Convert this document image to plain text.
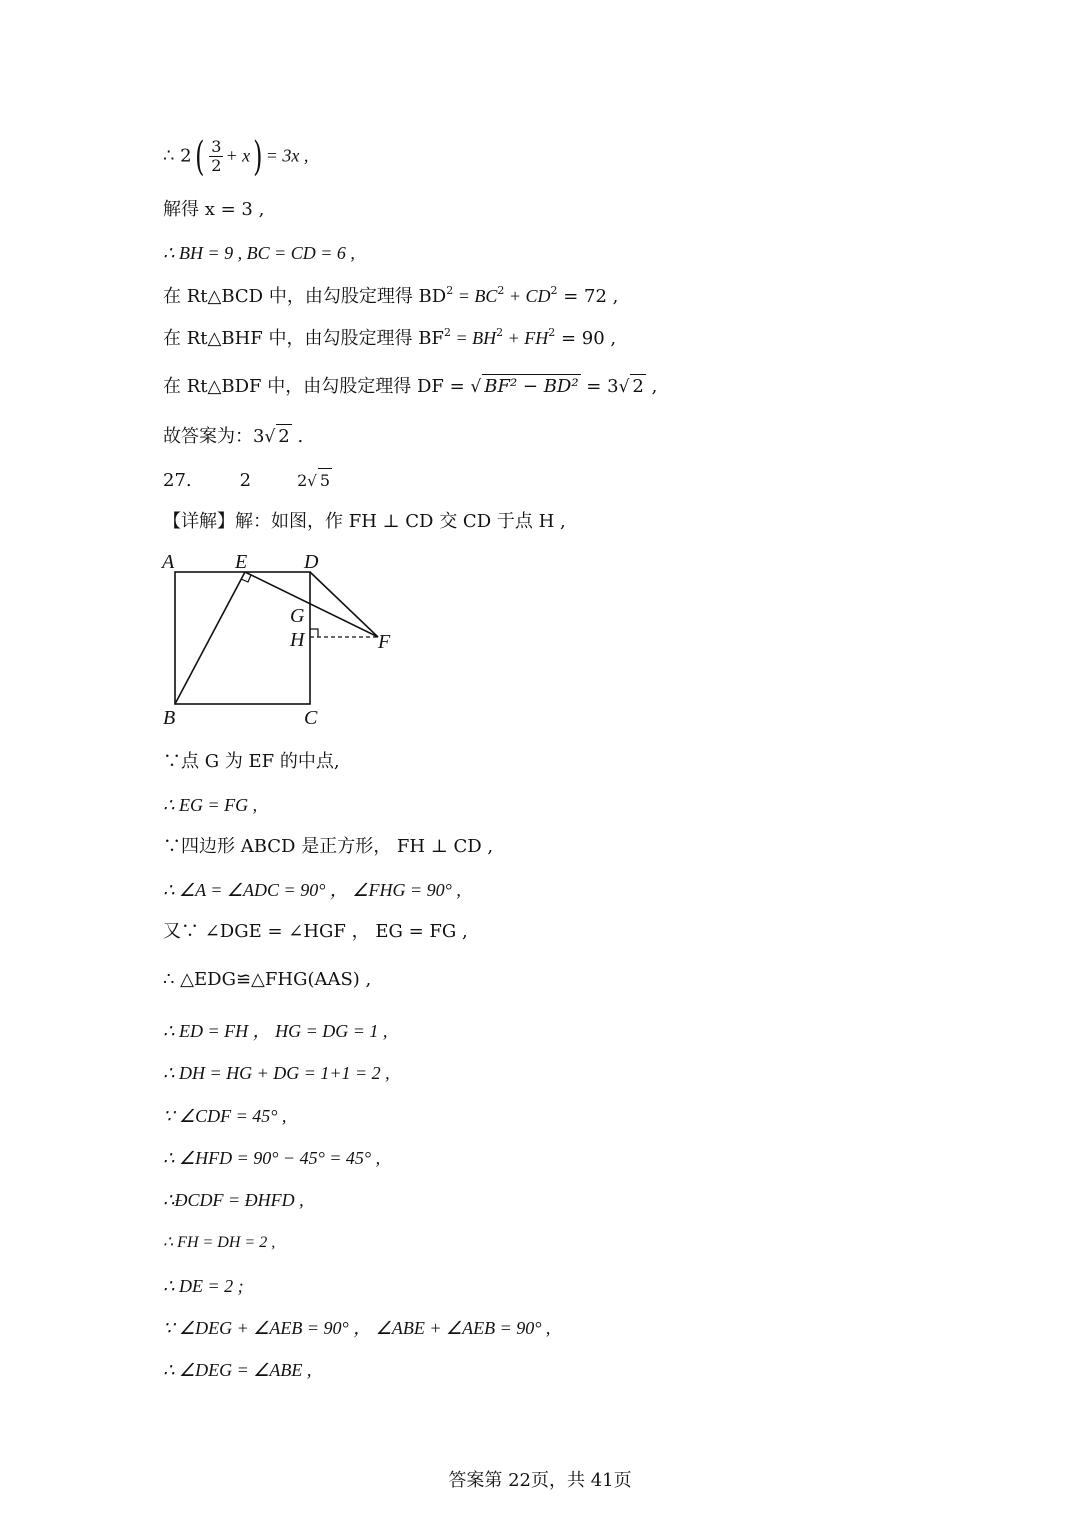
∴ $2( \frac{3}{2} + x) = 3x$ ,
解得 x = 3 ,
∴ BH = 9 , BC = CD = 6 ,
在 Rt△BCD 中，由勾股定理得 $BD^2 = BC^2 + CD^2 = 72$ ,
在 Rt△BHF 中，由勾股定理得 $BF^2 = BH^2 + FH^2 = 90$ ,
在 Rt△BDF 中，由勾股定理得 DF = √ BF² − BD² = 3√ 2 ,
故答案为：3√ 2 .
27.	2	2√ 5
【详解】解：如图，作 FH ⊥ CD 交 CD 于点 H ,
A	E	D
G
H	F
B	C
∵点 G 为 EF 的中点,
∴ EG = FG ,
∵四边形 ABCD 是正方形， FH ⊥ CD ,
∴ ∠A = ∠ADC = 90° ， ∠FHG = 90° ,
又∵ ∠DGE = ∠HGF ， EG = FG ,
∴ △EDG≌△FHG(AAS) ,
∴ ED = FH ， HG = DG = 1 ,
∴ DH = HG + DG = 1+1 = 2 ,
∵ ∠CDF = 45° ,
∴ ∠HFD = 90° − 45° = 45° ,
∴ÐCDF = ÐHFD ,
∴ FH = DH = 2 ,
∴ DE = 2 ;
∵ ∠DEG + ∠AEB = 90° ， ∠ABE + ∠AEB = 90° ,
∴ ∠DEG = ∠ABE ,
答案第 22页，共 41页
